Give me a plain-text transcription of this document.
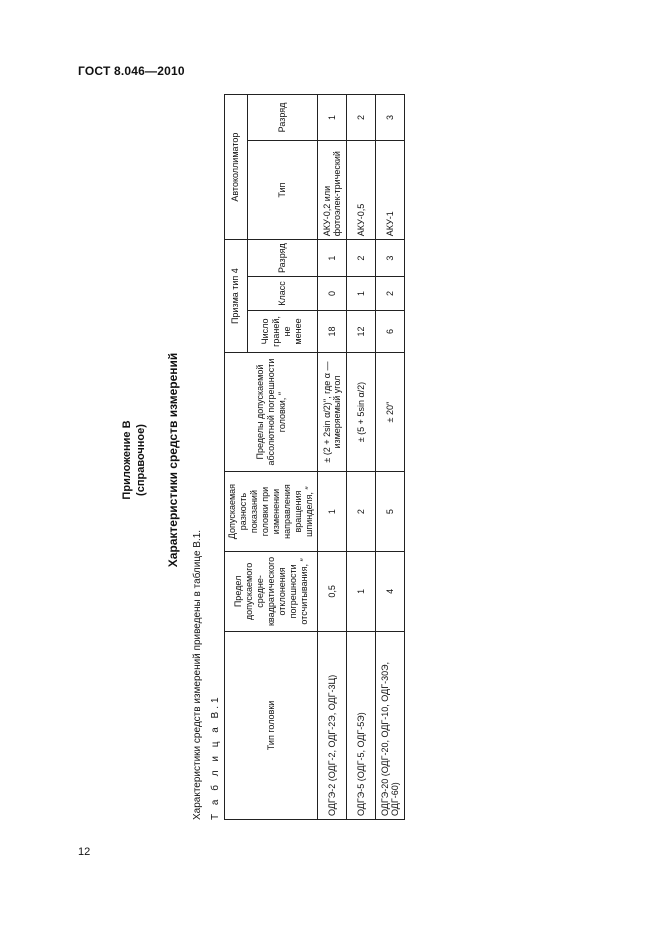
ГОСТ 8.046—2010
Приложение В (справочное) Характеристики средств измерений
Характеристики средств измерений приведены в таблице В.1. Т а б л и ц а В.1	Тип головки	Предел допускаемого средне-квадратического отклонения погрешности отсчитывания, ′′	Допускаемая разность показаний головки при изменении направления вращения шпинделя, ′′	Пределы допускаемой абсолютной погрешности головки, ′′	Призма тип 4			Автоколлиматор	
				Число граней, не менее	Класс	Разряд	Тип	Разряд
ОДГЭ-2 (ОДГ-2, ОДГ-2Э, ОДГ-3Ц)	0,5	1	± (2 + 2sin α/2)′′, где α — измеряемый угол	18	0	1	АКУ-0,2 или фотоэлек-трический	1
ОДГЭ-5 (ОДГ-5, ОДГ-5Э)	1	2	± (5 + 5sin α/2)	12	1	2	АКУ-0,5	2
ОДГЭ-20 (ОДГ-20, ОДГ-10, ОДГ-30Э, ОДГ-60)	4	5	± 20′′	6	2	3	АКУ-1	3
12
